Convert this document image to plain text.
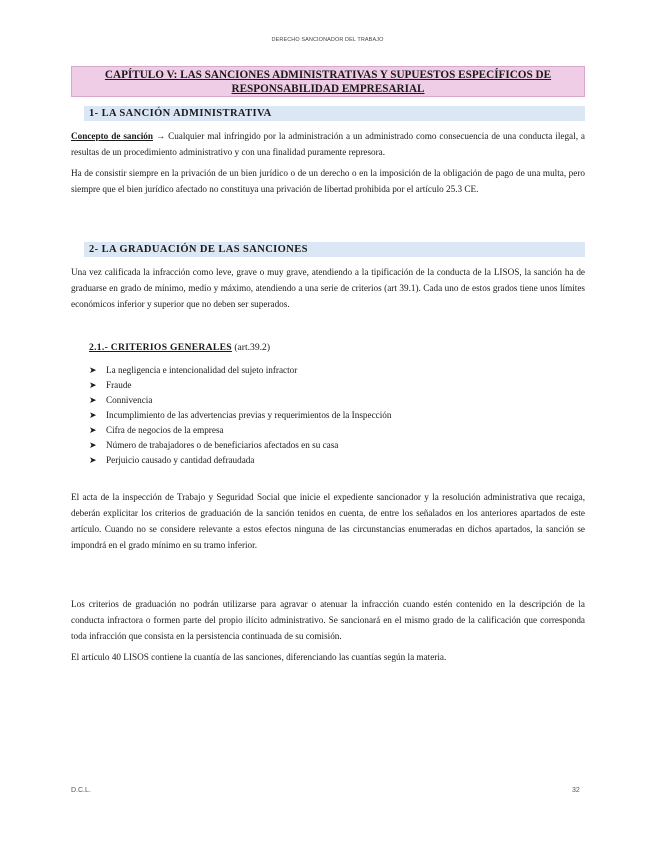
DERECHO SANCIONADOR DEL TRABAJO
CAPÍTULO V: LAS SANCIONES ADMINISTRATIVAS Y SUPUESTOS ESPECÍFICOS DE
RESPONSABILIDAD EMPRESARIAL
1- LA SANCIÓN ADMINISTRATIVA
Concepto de sanción → Cualquier mal infringido por la administración a un administrado como consecuencia de una conducta ilegal, a resultas de un procedimiento administrativo y con una finalidad puramente represora.
Ha de consistir siempre en la privación de un bien jurídico o de un derecho o en la imposición de la obligación de pago de una multa, pero siempre que el bien jurídico afectado no constituya una privación de libertad prohibida por el artículo 25.3 CE.
2- LA GRADUACIÓN DE LAS SANCIONES
Una vez calificada la infracción como leve, grave o muy grave, atendiendo a la tipificación de la conducta de la LISOS, la sanción ha de graduarse en grado de mínimo, medio y máximo, atendiendo a una serie de criterios (art 39.1). Cada uno de estos grados tiene unos límites económicos inferior y superior que no deben ser superados.
2.1.- CRITERIOS GENERALES (art.39.2)
➤	La negligencia e intencionalidad del sujeto infractor
➤	Fraude
➤	Connivencia
➤	Incumplimiento de las advertencias previas y requerimientos de la Inspección
➤	Cifra de negocios de la empresa
➤	Número de trabajadores o de beneficiarios afectados en su casa
➤	Perjuicio causado y cantidad defraudada
El acta de la inspección de Trabajo y Seguridad Social que inicie el expediente sancionador y la resolución administrativa que recaiga, deberán explicitar los criterios de graduación de la sanción tenidos en cuenta, de entre los señalados en los anteriores apartados de este artículo. Cuando no se considere relevante a estos efectos ninguna de las circunstancias enumeradas en dichos apartados, la sanción se impondrá en el grado mínimo en su tramo inferior.
Los criterios de graduación no podrán utilizarse para agravar o atenuar la infracción cuando estén contenido en la descripción de la conducta infractora o formen parte del propio ilícito administrativo. Se sancionará en el mismo grado de la calificación que corresponda toda infracción que consista en la persistencia continuada de su comisión.
El artículo 40 LISOS contiene la cuantía de las sanciones, diferenciando las cuantías según la materia.
D.C.L.	32
